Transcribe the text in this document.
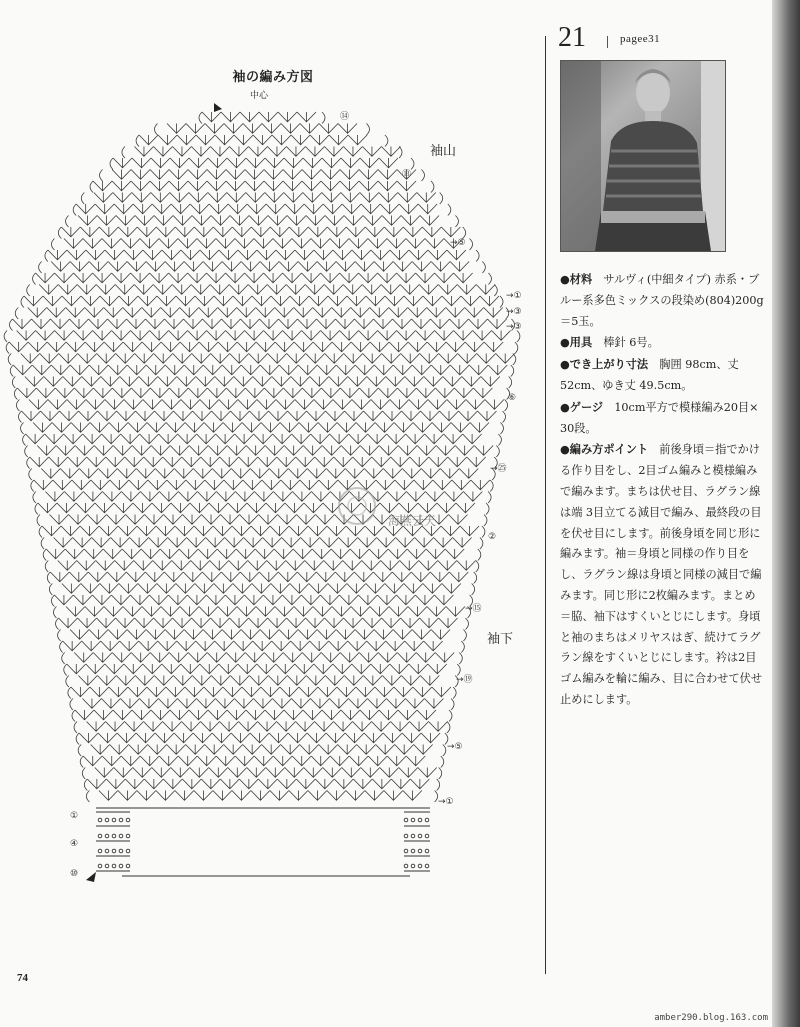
袖の編み方図
中心
袖山
袖下
⑭
⑬
→⑤
→①
→③
→③
⑥
→㉕
②
→⑮
→⑲
→⑤
→①
①
④
⑩
海燕云天
21	pagee31

●材料　 サルヴィ(中細タイプ) 赤系・ブルー系多色ミックスの段染め(804)200g＝5玉。

●用具　 棒針 6号。

●でき上がり寸法　 胸囲 98cm、丈52cm、ゆき丈 49.5cm。

●ゲージ　 10cm平方で模様編み20目× 30段。

●編み方ポイント　 前後身頃＝指でかける作り目をし、2目ゴム編みと模様編みで編みます。まちは伏せ目、ラグラン線は端 3目立てる減目で編み、最終段の目を伏せ目にします。前後身頃を同じ形に編みます。袖＝身頃と同様の作り目をし、ラグラン線は身頃と同様の減目で編みます。同じ形に2枚編みます。まとめ＝脇、袖下はすくいとじにします。身頃と袖のまちはメリヤスはぎ、続けてラグラン線をすくいとじにします。衿は2目ゴム編みを輪に編み、目に合わせて伏せ止めにします。

74
amber290.blog.163.com
